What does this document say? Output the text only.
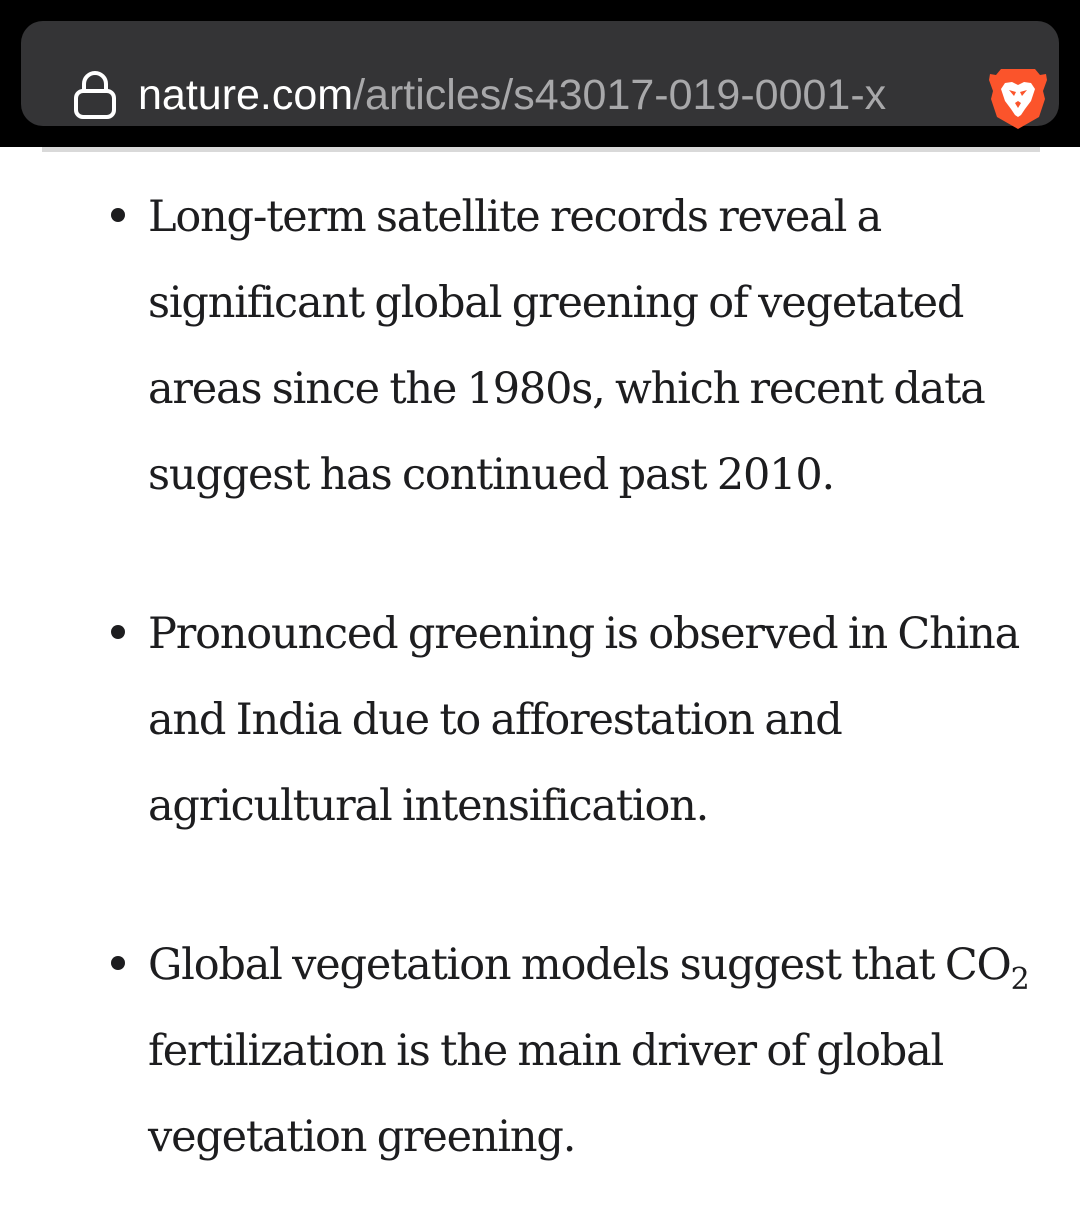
nature.com/articles/s43017-019-0001-x
Long-term satellite records reveal a significant global greening of vegetated areas since the 1980s, which recent data suggest has continued past 2010.
Pronounced greening is observed in China and India due to afforestation and agricultural intensification.
Global vegetation models suggest that $CO_2$ fertilization is the main driver of global vegetation greening.
